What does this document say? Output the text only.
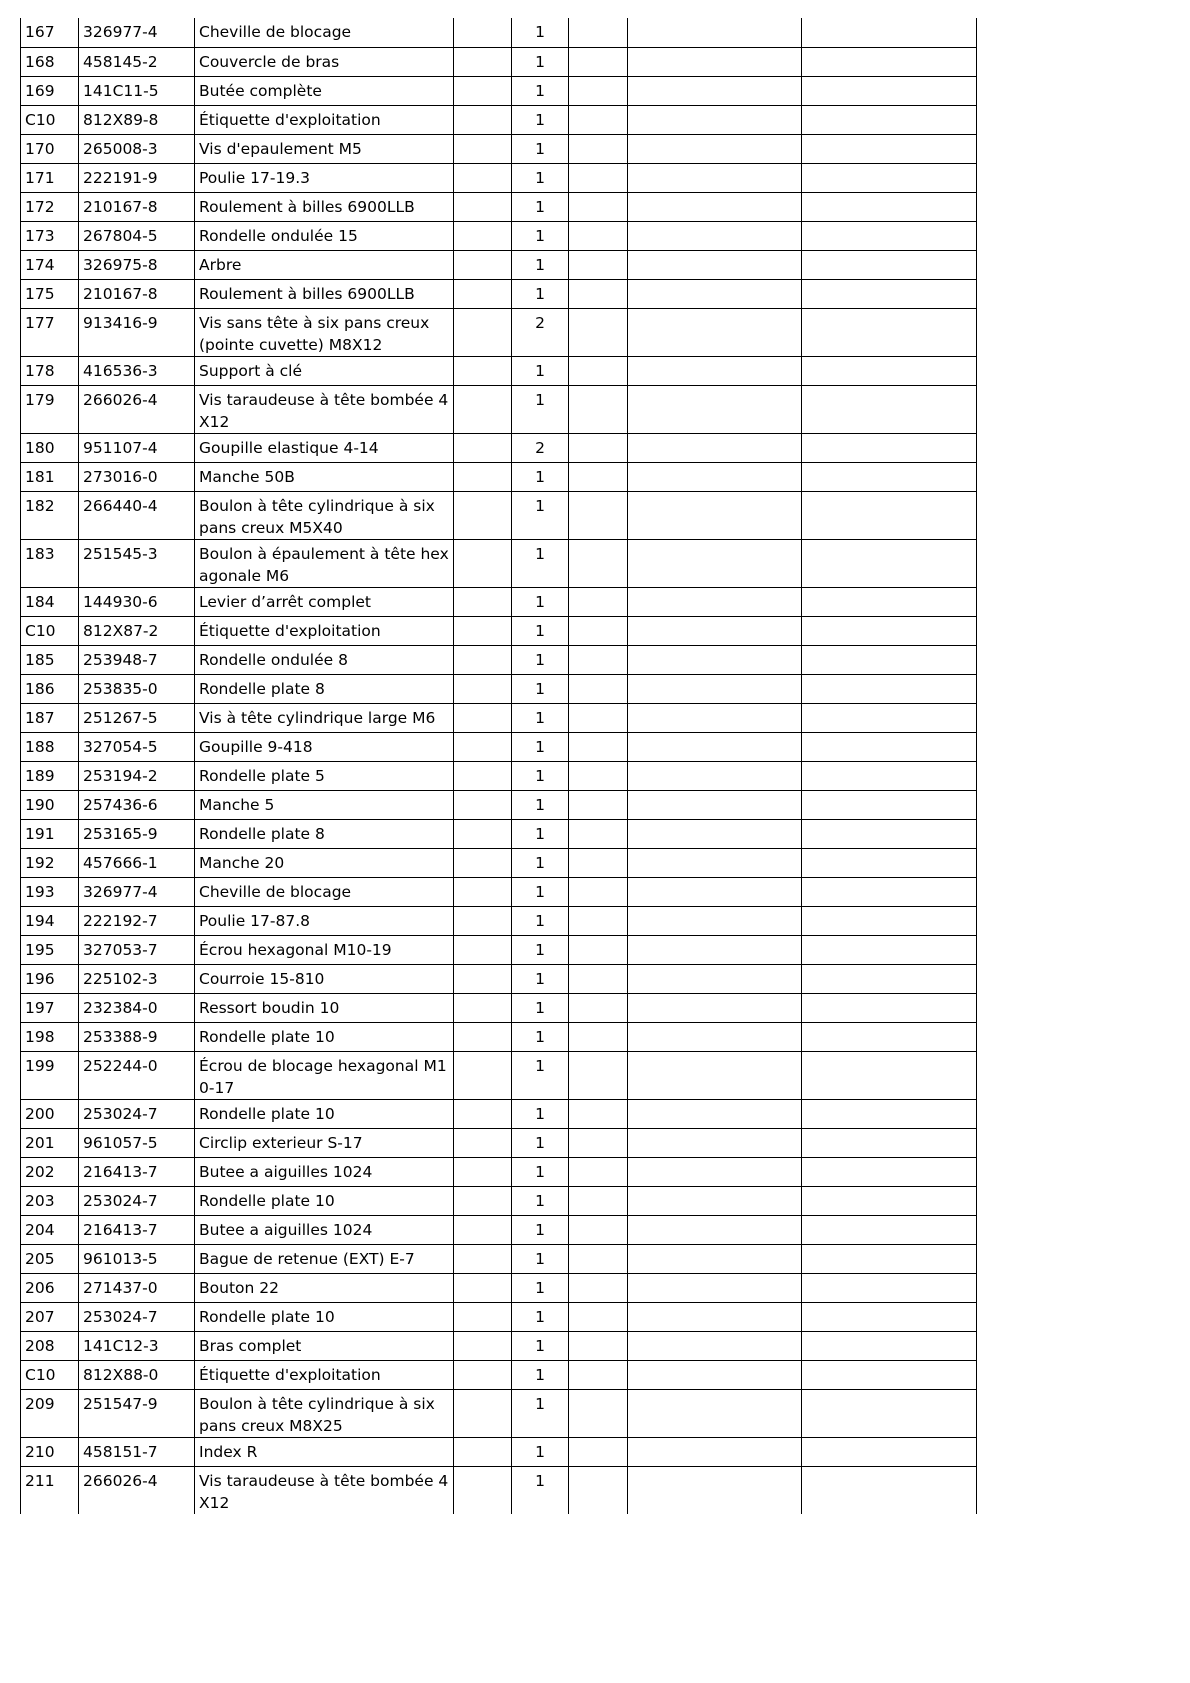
167	326977-4	Cheville de blocage		1			
168	458145-2	Couvercle de bras		1			
169	141C11-5	Butée complète		1			
C10	812X89-8	Étiquette d'exploitation		1			
170	265008-3	Vis d'epaulement M5		1			
171	222191-9	Poulie 17-19.3		1			
172	210167-8	Roulement à billes 6900LLB		1			
173	267804-5	Rondelle ondulée 15		1			
174	326975-8	Arbre		1			
175	210167-8	Roulement à billes 6900LLB		1			
177	913416-9	Vis sans tête à six pans creux (pointe cuvette) M8X12		2			
178	416536-3	Support à clé		1			
179	266026-4	Vis taraudeuse à tête bombée 4X12		1			
180	951107-4	Goupille elastique 4-14		2			
181	273016-0	Manche 50B		1			
182	266440-4	Boulon à tête cylindrique à six pans creux M5X40		1			
183	251545-3	Boulon à épaulement à tête hexagonale M6		1			
184	144930-6	Levier d’arrêt complet		1			
C10	812X87-2	Étiquette d'exploitation		1			
185	253948-7	Rondelle ondulée 8		1			
186	253835-0	Rondelle plate 8		1			
187	251267-5	Vis à tête cylindrique large M6		1			
188	327054-5	Goupille 9-418		1			
189	253194-2	Rondelle plate 5		1			
190	257436-6	Manche 5		1			
191	253165-9	Rondelle plate 8		1			
192	457666-1	Manche 20		1			
193	326977-4	Cheville de blocage		1			
194	222192-7	Poulie 17-87.8		1			
195	327053-7	Écrou hexagonal M10-19		1			
196	225102-3	Courroie 15-810		1			
197	232384-0	Ressort boudin 10		1			
198	253388-9	Rondelle plate 10		1			
199	252244-0	Écrou de blocage hexagonal M10-17		1			
200	253024-7	Rondelle plate 10		1			
201	961057-5	Circlip exterieur S-17		1			
202	216413-7	Butee a aiguilles 1024		1			
203	253024-7	Rondelle plate 10		1			
204	216413-7	Butee a aiguilles 1024		1			
205	961013-5	Bague de retenue (EXT) E-7		1			
206	271437-0	Bouton 22		1			
207	253024-7	Rondelle plate 10		1			
208	141C12-3	Bras complet		1			
C10	812X88-0	Étiquette d'exploitation		1			
209	251547-9	Boulon à tête cylindrique à six pans creux M8X25		1			
210	458151-7	Index R		1			
211	266026-4	Vis taraudeuse à tête bombée 4X12		1			
